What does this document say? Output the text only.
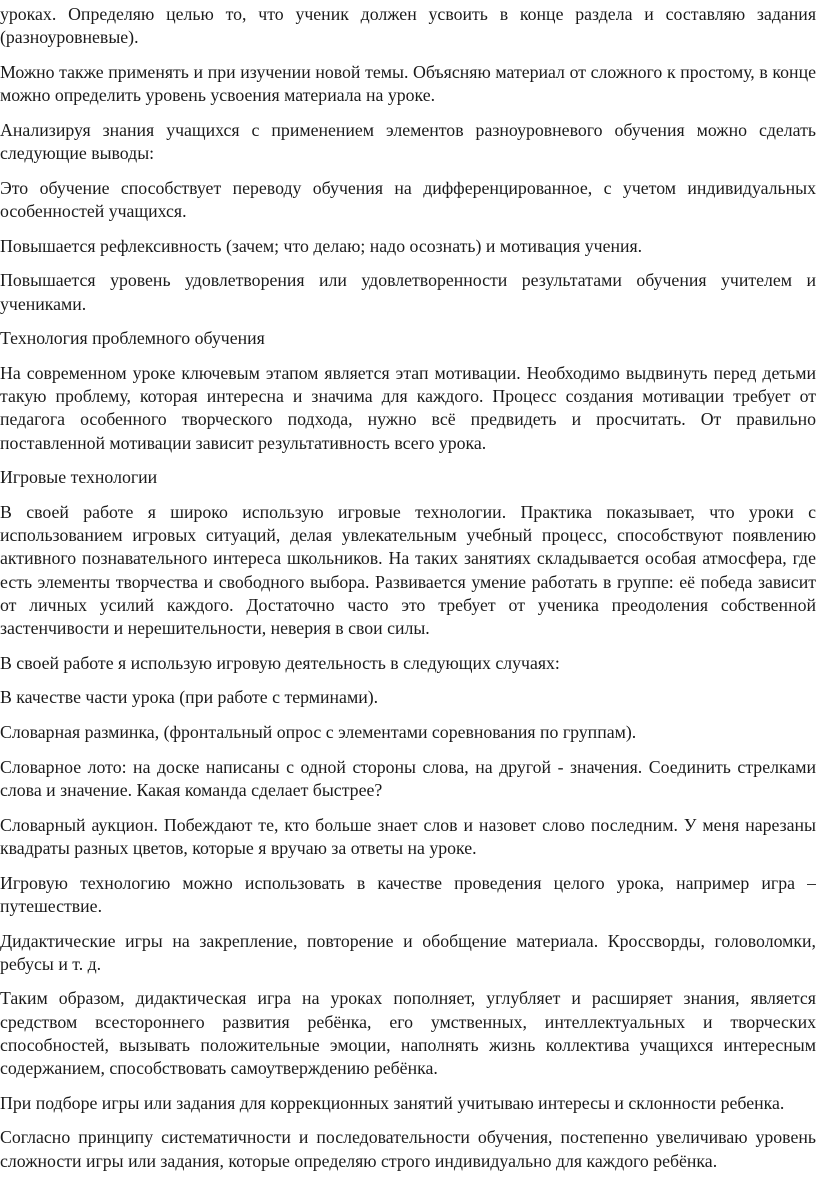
уроках. Определяю целью то, что ученик должен усвоить в конце раздела и составляю задания (разноуровневые).

Можно также применять и при изучении новой темы. Объясняю материал от сложного к простому, в конце можно определить уровень усвоения материала на уроке.

Анализируя знания учащихся с применением элементов разноуровневого обучения можно сделать следующие выводы:

Это обучение способствует переводу обучения на дифференцированное, с учетом индивидуальных особенностей учащихся.

Повышается рефлексивность (зачем; что делаю; надо осознать) и мотивация учения.

Повышается уровень удовлетворения или удовлетворенности результатами обучения учителем и учениками.

Технология проблемного обучения

На современном уроке ключевым этапом является этап мотивации. Необходимо выдвинуть перед детьми такую проблему, которая интересна и значима для каждого. Процесс создания мотивации требует от педагога особенного творческого подхода, нужно всё предвидеть и просчитать. От правильно поставленной мотивации зависит результативность всего урока.

Игровые технологии

В своей работе я широко использую игровые технологии. Практика показывает, что уроки с использованием игровых ситуаций, делая увлекательным учебный процесс, способствуют появлению активного познавательного интереса школьников. На таких занятиях складывается особая атмосфера, где есть элементы творчества и свободного выбора. Развивается умение работать в группе: её победа зависит от личных усилий каждого. Достаточно часто это требует от ученика преодоления собственной застенчивости и нерешительности, неверия в свои силы.

В своей работе я использую игровую деятельность в следующих случаях:

В качестве части урока (при работе с терминами).

Словарная разминка, (фронтальный опрос с элементами соревнования по группам).

Словарное лото: на доске написаны с одной стороны слова, на другой - значения. Соединить стрелками слова и значение. Какая команда сделает быстрее?

Словарный аукцион. Побеждают те, кто больше знает слов и назовет слово последним. У меня нарезаны квадраты разных цветов, которые я вручаю за ответы на уроке.

Игровую технологию можно использовать в качестве проведения целого урока, например игра – путешествие.

Дидактические игры на закрепление, повторение и обобщение материала. Кроссворды, головоломки, ребусы и т. д.

Таким образом, дидактическая игра на уроках пополняет, углубляет и расширяет знания, является средством всестороннего развития ребёнка, его умственных, интеллектуальных и творческих способностей, вызывать положительные эмоции, наполнять жизнь коллектива учащихся интересным содержанием, способствовать самоутверждению ребёнка.

При подборе игры или задания для коррекционных занятий учитываю интересы и склонности ребенка.

Согласно принципу систематичности и последовательности обучения, постепенно увеличиваю уровень сложности игры или задания, которые определяю строго индивидуально для каждого ребёнка.
